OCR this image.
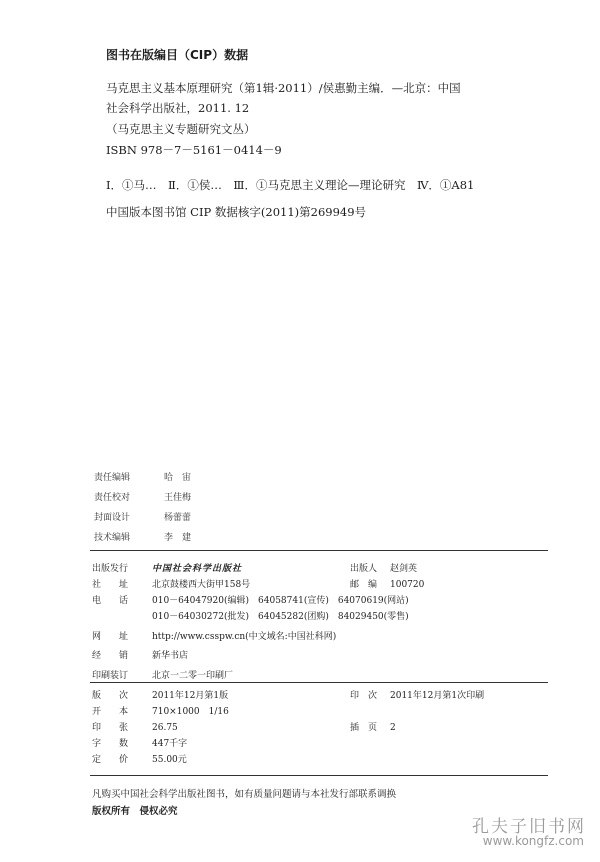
图书在版编目（CIP）数据
马克思主义基本原理研究（第1辑·2011）/侯惠勤主编．—北京：中国
社会科学出版社，2011. 12
（马克思主义专题研究文丛）
ISBN 978－7－5161－0414－9
Ⅰ．①马…　Ⅱ．①侯…　Ⅲ．①马克思主义理论—理论研究　Ⅳ．①A81
中国版本图书馆 CIP 数据核字(2011)第269949号
责任编辑	哈　宙
责任校对	王佳梅
封面设计	杨蕾蕾
技术编辑	李　建
出版发行	中国社会科学出版社	出版人 赵剑英
社　　址	北京鼓楼西大街甲158号	邮　编 100720
电　　话	010－64047920(编辑)　64058741(宣传)　64070619(网站)
010－64030272(批发)　64045282(团购)　84029450(零售)
网　　址	http://www.csspw.cn(中文域名:中国社科网)
经　　销	新华书店
印刷装订	北京一二零一印刷厂
版　　次	2011年12月第1版	印　次 2011年12月第1次印刷
开　　本	710×1000　1/16
印　　张	26.75	插　页 2
字　　数	447千字
定　　价	55.00元
凡购买中国社会科学出版社图书，如有质量问题请与本社发行部联系调换
版权所有　侵权必究
孔夫子旧书网
www.kongfz.com
